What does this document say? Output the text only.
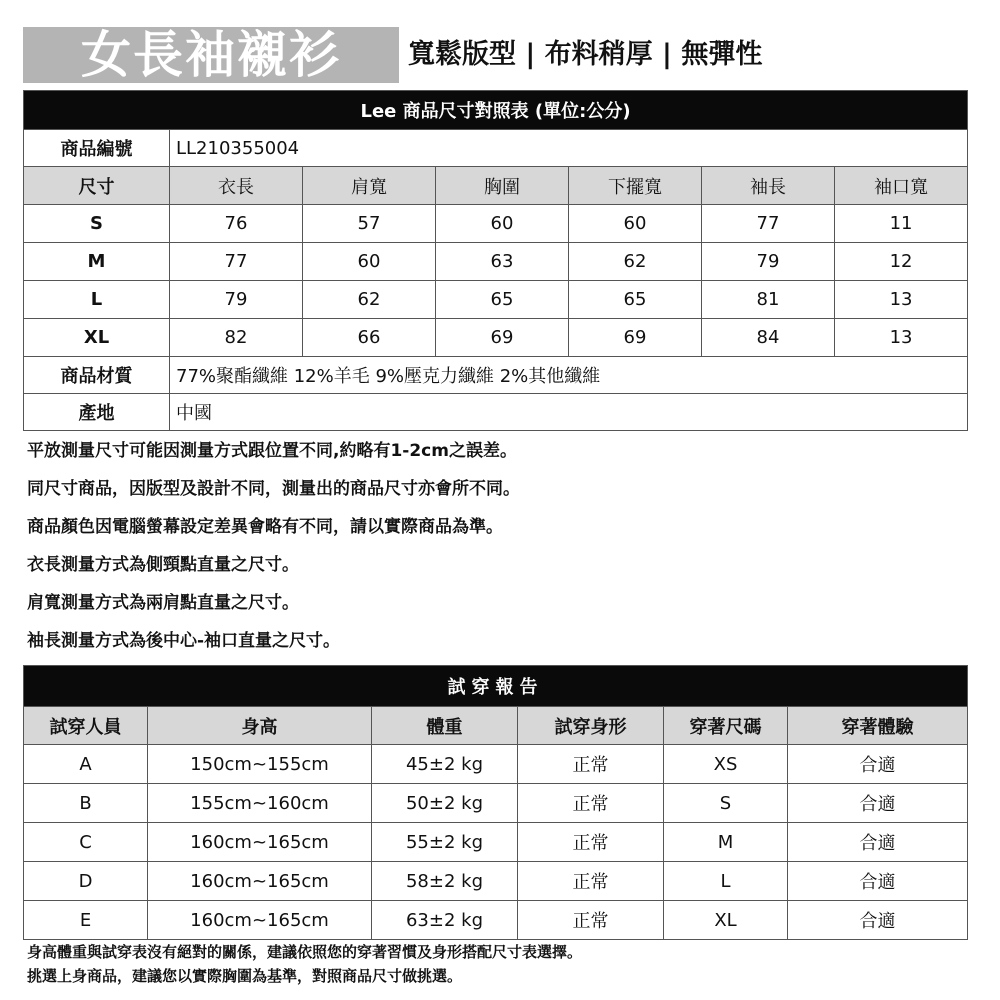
女長袖襯衫	寬鬆版型 | 布料稍厚 | 無彈性
Lee 商品尺寸對照表 (單位:公分)						
商品編號	LL210355004					
尺寸	衣長	肩寬	胸圍	下擺寬	袖長	袖口寬
S	76	57	60	60	77	11
M	77	60	63	62	79	12
L	79	62	65	65	81	13
XL	82	66	69	69	84	13
商品材質	77%聚酯纖維 12%羊毛 9%壓克力纖維 2%其他纖維					
產地	中國					
平放測量尺寸可能因測量方式跟位置不同,約略有1-2cm之誤差。
同尺寸商品，因版型及設計不同，測量出的商品尺寸亦會所不同。
商品顏色因電腦螢幕設定差異會略有不同，請以實際商品為準。
衣長測量方式為側頸點直量之尺寸。
肩寬測量方式為兩肩點直量之尺寸。
袖長測量方式為後中心-袖口直量之尺寸。
試穿報告					
試穿人員	身高	體重	試穿身形	穿著尺碼	穿著體驗
A	150cm~155cm	45±2 kg	正常	XS	合適
B	155cm~160cm	50±2 kg	正常	S	合適
C	160cm~165cm	55±2 kg	正常	M	合適
D	160cm~165cm	58±2 kg	正常	L	合適
E	160cm~165cm	63±2 kg	正常	XL	合適
身高體重與試穿表沒有絕對的關係，建議依照您的穿著習慣及身形搭配尺寸表選擇。
挑選上身商品，建議您以實際胸圍為基準，對照商品尺寸做挑選。
